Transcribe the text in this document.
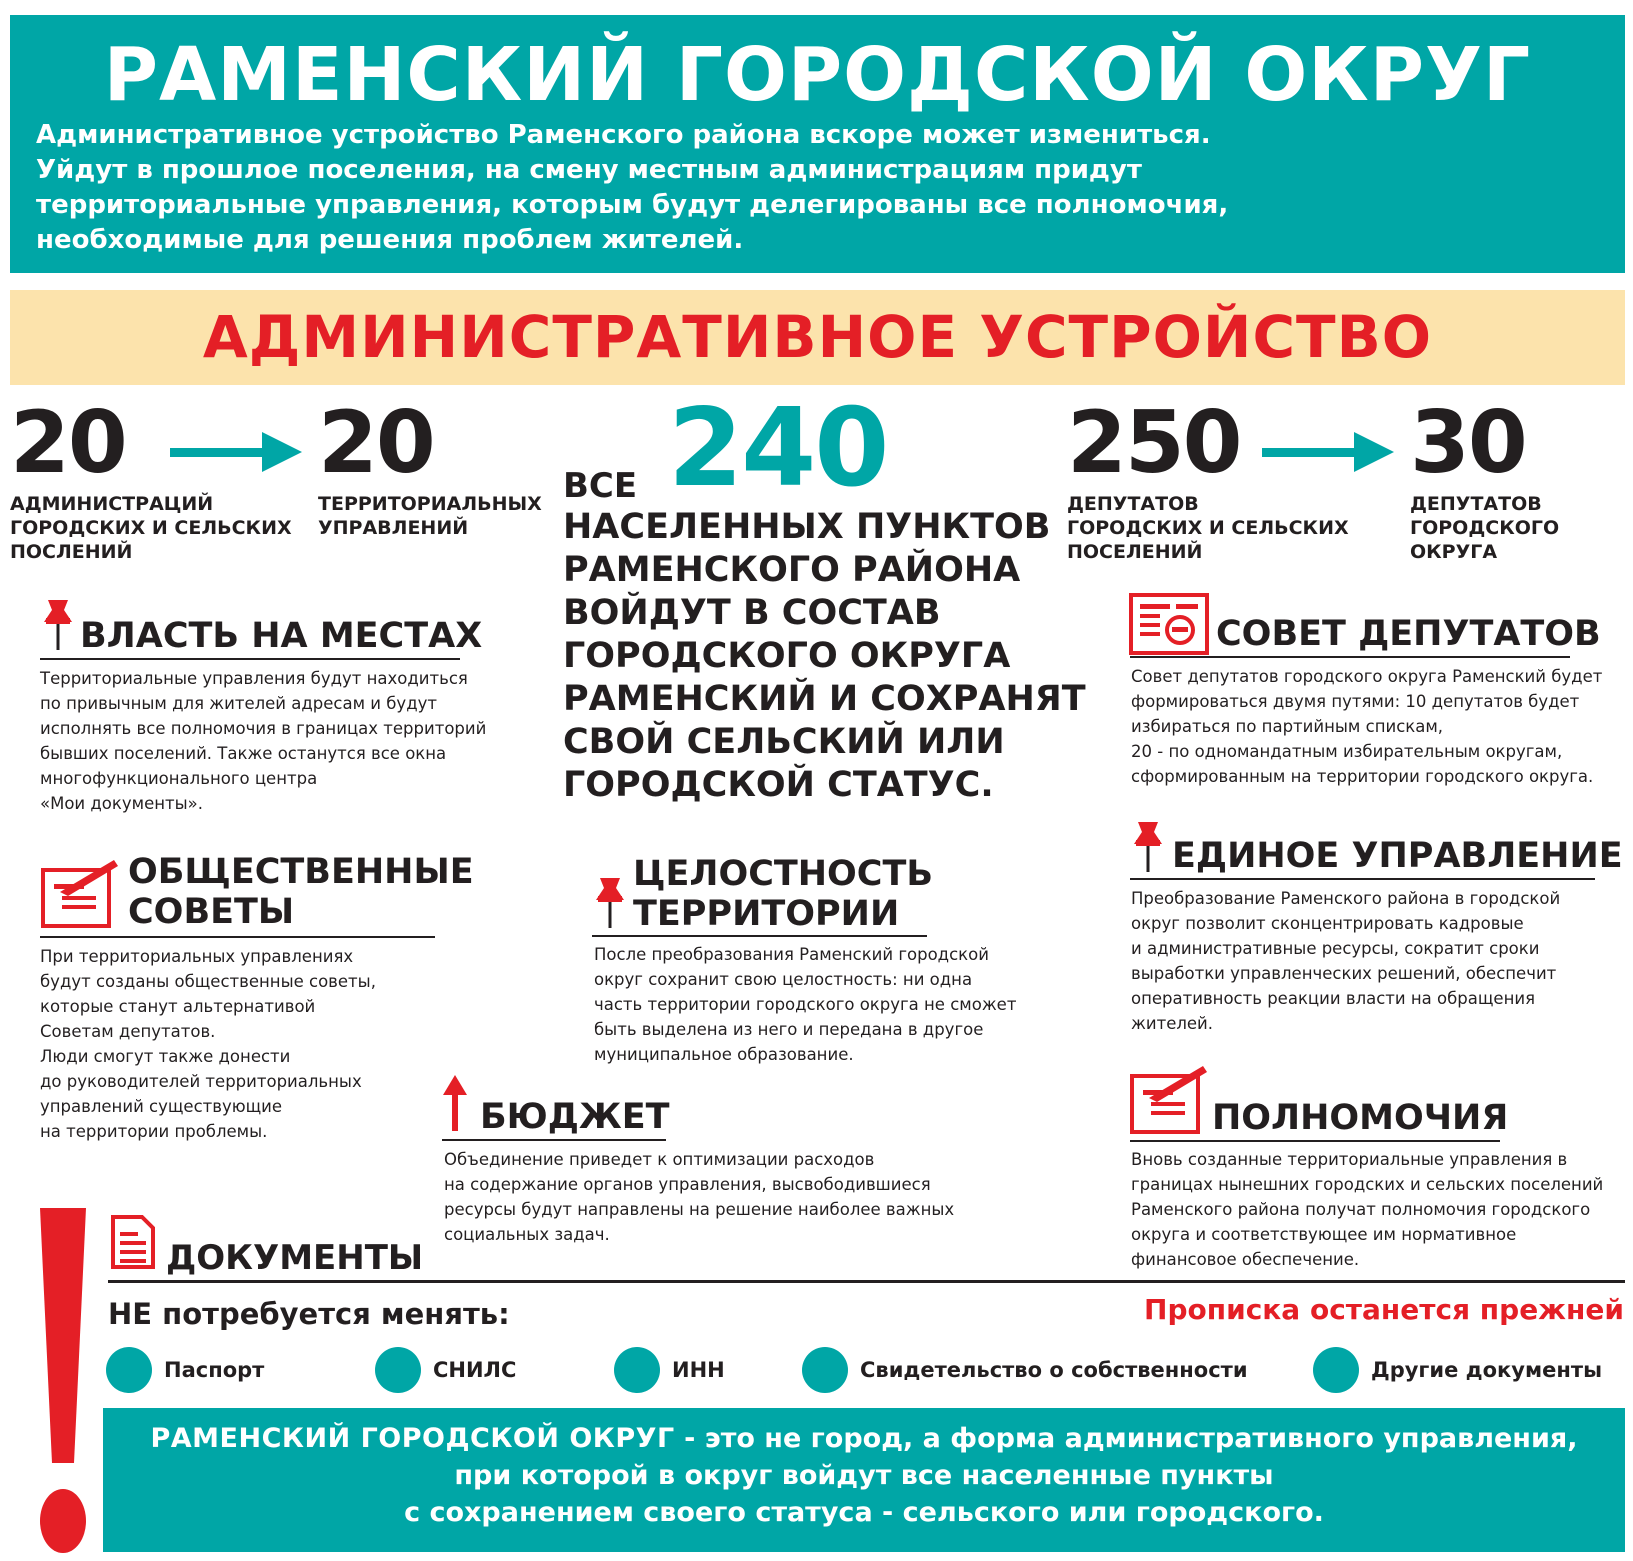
РАМЕНСКИЙ ГОРОДСКОЙ ОКРУГ
Административное устройство Раменского района вскоре может измениться.
Уйдут в прошлое поселения, на смену местным администрациям придут
территориальные управления, которым будут делегированы все полномочия,
необходимые для решения проблем жителей.
АДМИНИСТРАТИВНОЕ УСТРОЙСТВО
20
АДМИНИСТРАЦИЙ
ГОРОДСКИХ И СЕЛЬСКИХ
ПОСЛЕНИЙ
20
ТЕРРИТОРИАЛЬНЫХ
УПРАВЛЕНИЙ
ВСЕ 240
НАСЕЛЕННЫХ ПУНКТОВ
РАМЕНСКОГО РАЙОНА
ВОЙДУТ В СОСТАВ
ГОРОДСКОГО ОКРУГА
РАМЕНСКИЙ И СОХРАНЯТ
СВОЙ СЕЛЬСКИЙ ИЛИ
ГОРОДСКОЙ СТАТУС.
250
ДЕПУТАТОВ
ГОРОДСКИХ И СЕЛЬСКИХ
ПОСЕЛЕНИЙ
30
ДЕПУТАТОВ
ГОРОДСКОГО
ОКРУГА
ВЛАСТЬ НА МЕСТАХ
Территориальные управления будут находиться
по привычным для жителей адресам и будут
исполнять все полномочия в границах территорий
бывших поселений. Также останутся все окна
многофункционального центра
«Мои документы».
ОБЩЕСТВЕННЫЕ
СОВЕТЫ
При территориальных управлениях
будут созданы общественные советы,
которые станут альтернативой
Советам депутатов.
Люди смогут также донести
до руководителей территориальных
управлений существующие
на территории проблемы.
ЦЕЛОСТНОСТЬ
ТЕРРИТОРИИ
После преобразования Раменский городской
округ сохранит свою целостность: ни одна
часть территории городского округа не сможет
быть выделена из него и передана в другое
муниципальное образование.
БЮДЖЕТ
Объединение приведет к оптимизации расходов
на содержание органов управления, высвободившиеся
ресурсы будут направлены на решение наиболее важных
социальных задач.
СОВЕТ ДЕПУТАТОВ
Совет депутатов городского округа Раменский будет
формироваться двумя путями: 10 депутатов будет
избираться по партийным спискам,
20 - по одномандатным избирательным округам,
сформированным на территории городского округа.
ЕДИНОЕ УПРАВЛЕНИЕ
Преобразование Раменского района в городской
округ позволит сконцентрировать кадровые
и административные ресурсы, сократит сроки
выработки управленческих решений, обеспечит
оперативность реакции власти на обращения
жителей.
ПОЛНОМОЧИЯ
Вновь созданные территориальные управления в
границах нынешних городских и сельских поселений
Раменского района получат полномочия городского
округа и соответствующее им нормативное
финансовое обеспечение.
ДОКУМЕНТЫ
НЕ потребуется менять:	Прописка останется прежней
Паспорт	СНИЛС	ИНН	Свидетельство о собственности	Другие документы
РАМЕНСКИЙ ГОРОДСКОЙ ОКРУГ - это не город, а форма административного управления,
при которой в округ войдут все населенные пункты
с сохранением своего статуса - сельского или городского.
